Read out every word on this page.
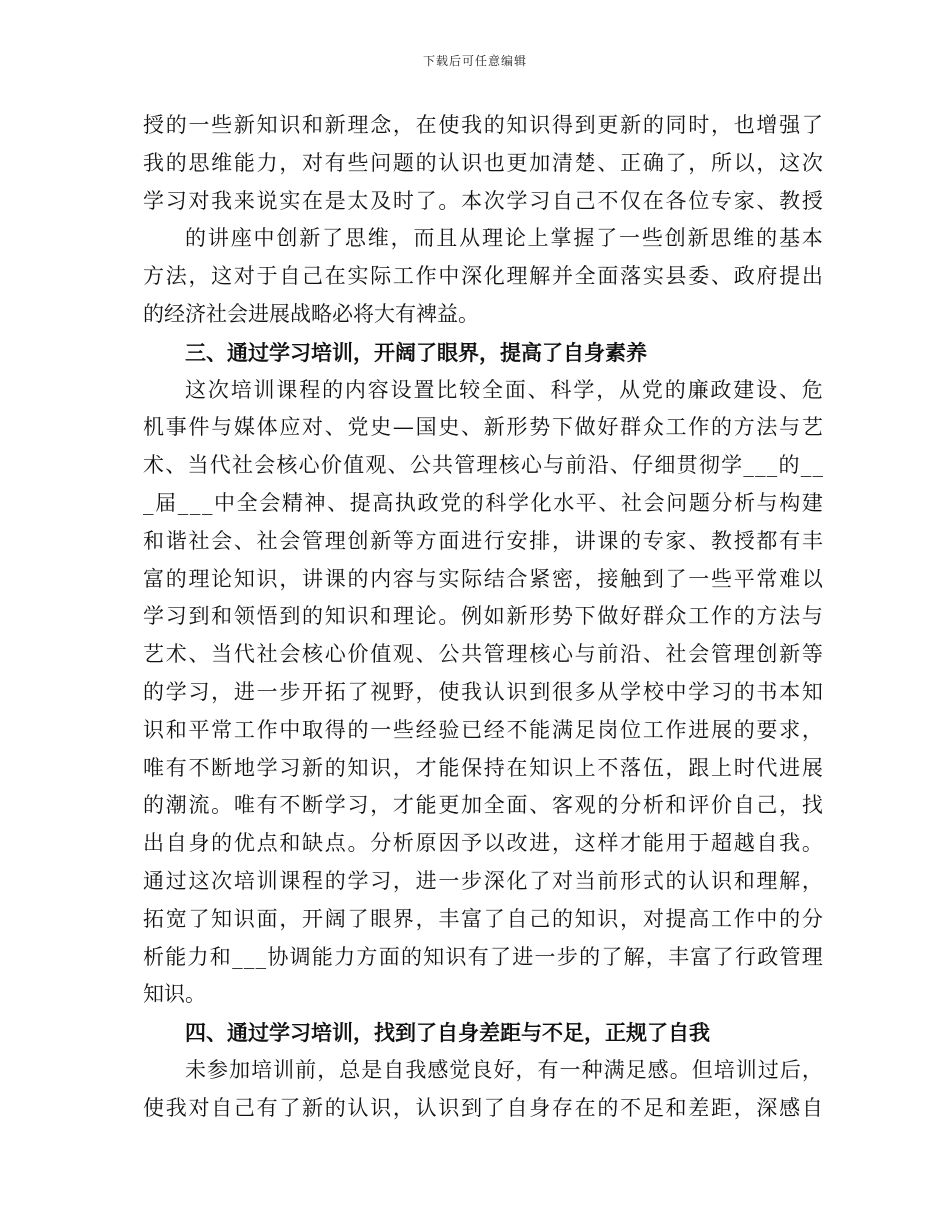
下载后可任意编辑
授 的 一 些 新 知 识 和 新 理 念 ， 在 使 我 的 知 识 得 到 更 新 的 同 时 ， 也 增 强 了
我 的 思 维 能 力 ， 对 有 些 问 题 的 认 识 也 更 加 清 楚 、 正 确 了 ， 所 以 ， 这 次
学 习 对 我 来 说 实 在 是 太 及 时 了 。 本 次 学 习 自 己 不 仅 在 各 位 专 家 、 教 授
的 讲 座 中 创 新 了 思 维 ， 而 且 从 理 论 上 掌 握 了 一 些 创 新 思 维 的 基 本
方 法 ， 这 对 于 自 己 在 实 际 工 作 中 深 化 理 解 并 全 面 落 实 县 委 、 政 府 提 出
的经济社会进展战略必将大有裨益。
三、通过学习培训，开阔了眼界，提高了自身素养
这 次 培 训 课 程 的 内 容 设 置 比 较 全 面 、 科 学 ， 从 党 的 廉 政 建 设 、 危
机 事 件 与 媒 体 应 对 、 党 史 — 国 史 、 新 形 势 下 做 好 群 众 工 作 的 方 法 与 艺
术 、 当 代 社 会 核 心 价 值 观 、 公 共 管 理 核 心 与 前 沿 、 仔 细 贯 彻 学 _ _ _ 的 _ _
_ 届 _ _ _ 中 全 会 精 神 、 提 高 执 政 党 的 科 学 化 水 平 、 社 会 问 题 分 析 与 构 建
和 谐 社 会 、 社 会 管 理 创 新 等 方 面 进 行 安 排 ， 讲 课 的 专 家 、 教 授 都 有 丰
富 的 理 论 知 识 ， 讲 课 的 内 容 与 实 际 结 合 紧 密 ， 接 触 到 了 一 些 平 常 难 以
学 习 到 和 领 悟 到 的 知 识 和 理 论 。 例 如 新 形 势 下 做 好 群 众 工 作 的 方 法 与
艺 术 、 当 代 社 会 核 心 价 值 观 、 公 共 管 理 核 心 与 前 沿 、 社 会 管 理 创 新 等
的 学 习 ， 进 一 步 开 拓 了 视 野 ， 使 我 认 识 到 很 多 从 学 校 中 学 习 的 书 本 知
识 和 平 常 工 作 中 取 得 的 一 些 经 验 已 经 不 能 满 足 岗 位 工 作 进 展 的 要 求 ，
唯 有 不 断 地 学 习 新 的 知 识 ， 才 能 保 持 在 知 识 上 不 落 伍 ， 跟 上 时 代 进 展
的 潮 流 。 唯 有 不 断 学 习 ， 才 能 更 加 全 面 、 客 观 的 分 析 和 评 价 自 己 ， 找
出 自 身 的 优 点 和 缺 点 。 分 析 原 因 予 以 改 进 ， 这 样 才 能 用 于 超 越 自 我 。
通 过 这 次 培 训 课 程 的 学 习 ， 进 一 步 深 化 了 对 当 前 形 式 的 认 识 和 理 解 ，
拓 宽 了 知 识 面 ， 开 阔 了 眼 界 ， 丰 富 了 自 己 的 知 识 ， 对 提 高 工 作 中 的 分
析 能 力 和 _ _ _ 协 调 能 力 方 面 的 知 识 有 了 进 一 步 的 了 解 ， 丰 富 了 行 政 管 理
知识。
四、通过学习培训，找到了自身差距与不足，正规了自我
未 参 加 培 训 前 ， 总 是 自 我 感 觉 良 好 ， 有 一 种 满 足 感 。 但 培 训 过 后 ，
使 我 对 自 己 有 了 新 的 认 识 ， 认 识 到 了 自 身 存 在 的 不 足 和 差 距 ， 深 感 自
